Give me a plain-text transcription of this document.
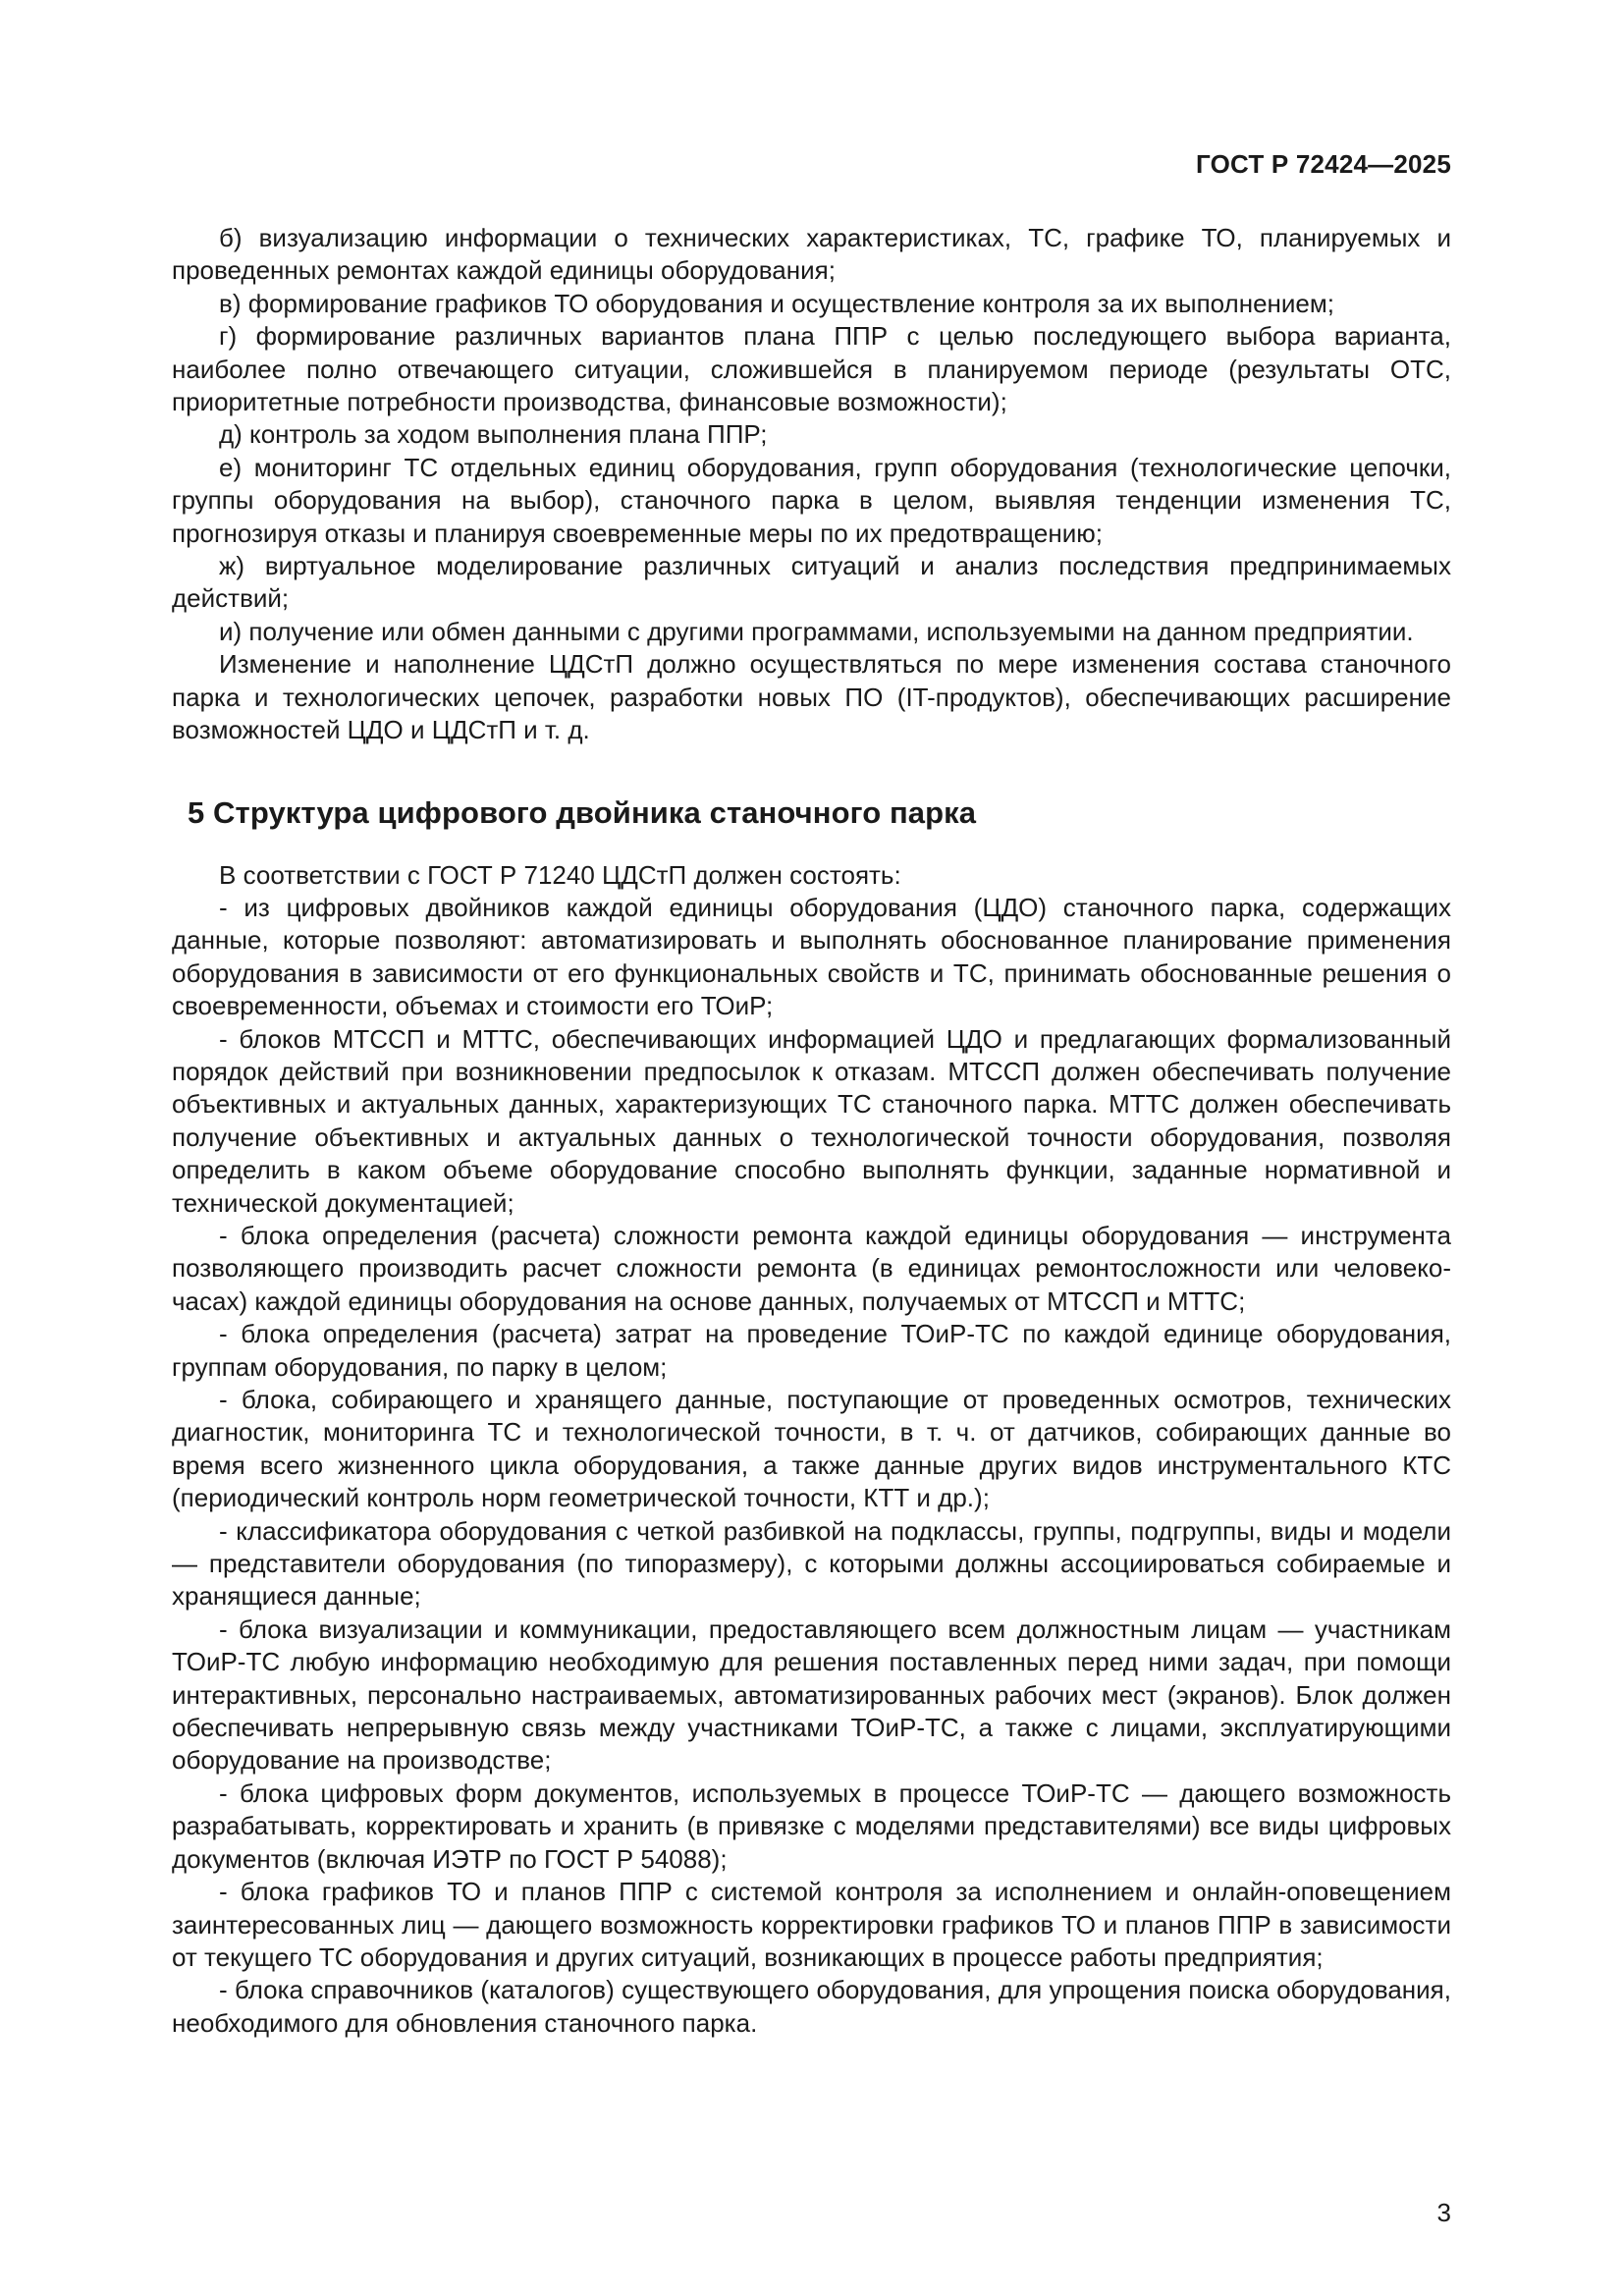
ГОСТ Р 72424—2025

б) визуализацию информации о технических характеристиках, ТС, графике ТО, планируемых и проведенных ремонтах каждой единицы оборудования;

в) формирование графиков ТО оборудования и осуществление контроля за их выполнением;

г) формирование различных вариантов плана ППР с целью последующего выбора варианта, наиболее полно отвечающего ситуации, сложившейся в планируемом периоде (результаты ОТС, приоритетные потребности производства, финансовые возможности);

д) контроль за ходом выполнения плана ППР;

е) мониторинг ТС отдельных единиц оборудования, групп оборудования (технологические цепочки, группы оборудования на выбор), станочного парка в целом, выявляя тенденции изменения ТС, прогнозируя отказы и планируя своевременные меры по их предотвращению;

ж) виртуальное моделирование различных ситуаций и анализ последствия предпринимаемых действий;

и) получение или обмен данными с другими программами, используемыми на данном предприятии.

Изменение и наполнение ЦДСтП должно осуществляться по мере изменения состава станочного парка и технологических цепочек, разработки новых ПО (IT-продуктов), обеспечивающих расширение возможностей ЦДО и ЦДСтП и т. д.

5 Структура цифрового двойника станочного парка

В соответствии с ГОСТ Р 71240 ЦДСтП должен состоять:

- из цифровых двойников каждой единицы оборудования (ЦДО) станочного парка, содержащих данные, которые позволяют: автоматизировать и выполнять обоснованное планирование применения оборудования в зависимости от его функциональных свойств и ТС, принимать обоснованные решения о своевременности, объемах и стоимости его ТОиР;

- блоков МТССП и МТТС, обеспечивающих информацией ЦДО и предлагающих формализованный порядок действий при возникновении предпосылок к отказам. МТССП должен обеспечивать получение объективных и актуальных данных, характеризующих ТС станочного парка. МТТС должен обеспечивать получение объективных и актуальных данных о технологической точности оборудования, позволяя определить в каком объеме оборудование способно выполнять функции, заданные нормативной и технической документацией;

- блока определения (расчета) сложности ремонта каждой единицы оборудования — инструмента позволяющего производить расчет сложности ремонта (в единицах ремонтосложности или человеко-часах) каждой единицы оборудования на основе данных, получаемых от МТССП и МТТС;

- блока определения (расчета) затрат на проведение ТОиР-ТС по каждой единице оборудования, группам оборудования, по парку в целом;

- блока, собирающего и хранящего данные, поступающие от проведенных осмотров, технических диагностик, мониторинга ТС и технологической точности, в т. ч. от датчиков, собирающих данные во время всего жизненного цикла оборудования, а также данные других видов инструментального КТС (периодический контроль норм геометрической точности, КТТ и др.);

- классификатора оборудования с четкой разбивкой на подклассы, группы, подгруппы, виды и модели — представители оборудования (по типоразмеру), с которыми должны ассоциироваться собираемые и хранящиеся данные;

- блока визуализации и коммуникации, предоставляющего всем должностным лицам — участникам ТОиР-ТС любую информацию необходимую для решения поставленных перед ними задач, при помощи интерактивных, персонально настраиваемых, автоматизированных рабочих мест (экранов). Блок должен обеспечивать непрерывную связь между участниками ТОиР-ТС, а также с лицами, эксплуатирующими оборудование на производстве;

- блока цифровых форм документов, используемых в процессе ТОиР-ТС — дающего возможность разрабатывать, корректировать и хранить (в привязке с моделями представителями) все виды цифровых документов (включая ИЭТР по ГОСТ Р 54088);

- блока графиков ТО и планов ППР с системой контроля за исполнением и онлайн-оповещением заинтересованных лиц — дающего возможность корректировки графиков ТО и планов ППР в зависимости от текущего ТС оборудования и других ситуаций, возникающих в процессе работы предприятия;

- блока справочников (каталогов) существующего оборудования, для упрощения поиска оборудования, необходимого для обновления станочного парка.

3
